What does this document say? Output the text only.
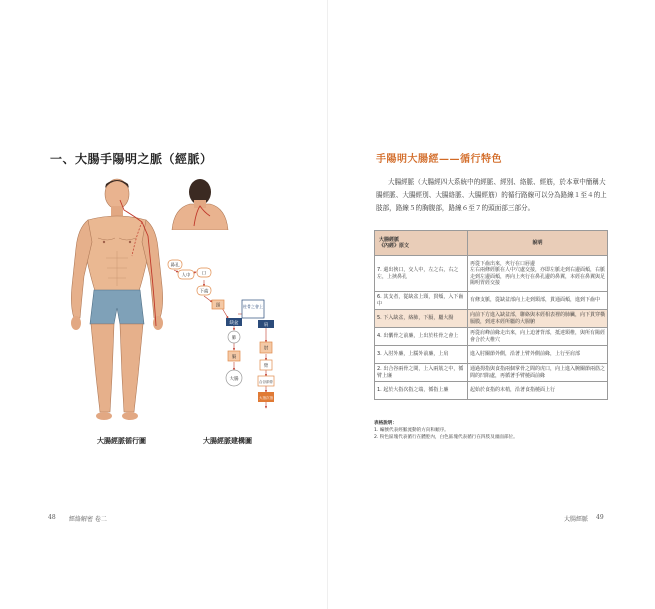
一、大腸手陽明之脈（經脈）
鼻孔
人中	口
下齒
頸	柱骨之會上
缺盆	肩
肺
膈
大腸
肘
臂
合谷兩骨
大指次指
大腸經脈循行圖	大腸經脈建構圖
48 經絡解密 卷二
手陽明大腸經——循行特色
大腸經脈（大腸經四大系統中的經脈、經別、絡脈、經筋，於本章中簡稱大腸經脈、大腸經別、大腸絡脈、大腸經筋）的循行路線可以分為路線１至４的上肢部，路線５的胸腹部，路線６至７的頭面部三部分。
大腸經脈
《內經》原文	說明
7. 還出挾口，交人中，左之右，右之左，上挾鼻孔	再從下齒出來，夾行在口唇邊
左右兩條經脈在人中穴處交接，亦即左脈走到右邊面頰，右脈走到左邊面頰，再向上夾行在鼻孔邊的鼻翼，本經在鼻翼與足陽明胃經交接
6. 其支者，從缺盆上頸，貫頰，入下齒中	有條支脈，從缺盆部向上走到頸部，貫通面頰，進到下齒中
5. 下入缺盆，絡肺，下膈，屬大腸	向前下方進入缺盆部，聯絡與本經相表裡的肺臟，向下貫穿橫膈膜，到達本經所屬的大腸腑
4. 出髃骨之前廉，上出於柱骨之會上	再從肩峰前緣走出來，向上迫著背部，抵達頸椎，與所有陽經會合於大椎穴
3. 入肘外廉，上臑外前廉，上肩	進入肘關節外側，沿著上臂外側前緣，上行至肩部
2. 出合谷兩骨之間，上入兩筋之中，循臂上廉	通過拇指與食指兩個掌骨之間的虎口，向上進入腕關節兩筋之間的凹陷處，再循著手臂橈面前緣
1. 起於大指次指之端，循指上廉	起始於食指的末梢，沿著食指橈面上行
表格說明：
1. 編號代表經脈流動的方向和順序。
2. 粉色區塊代表循行在體腔內，白色區塊代表循行在四肢及頭面部位。
大腸經脈 49
